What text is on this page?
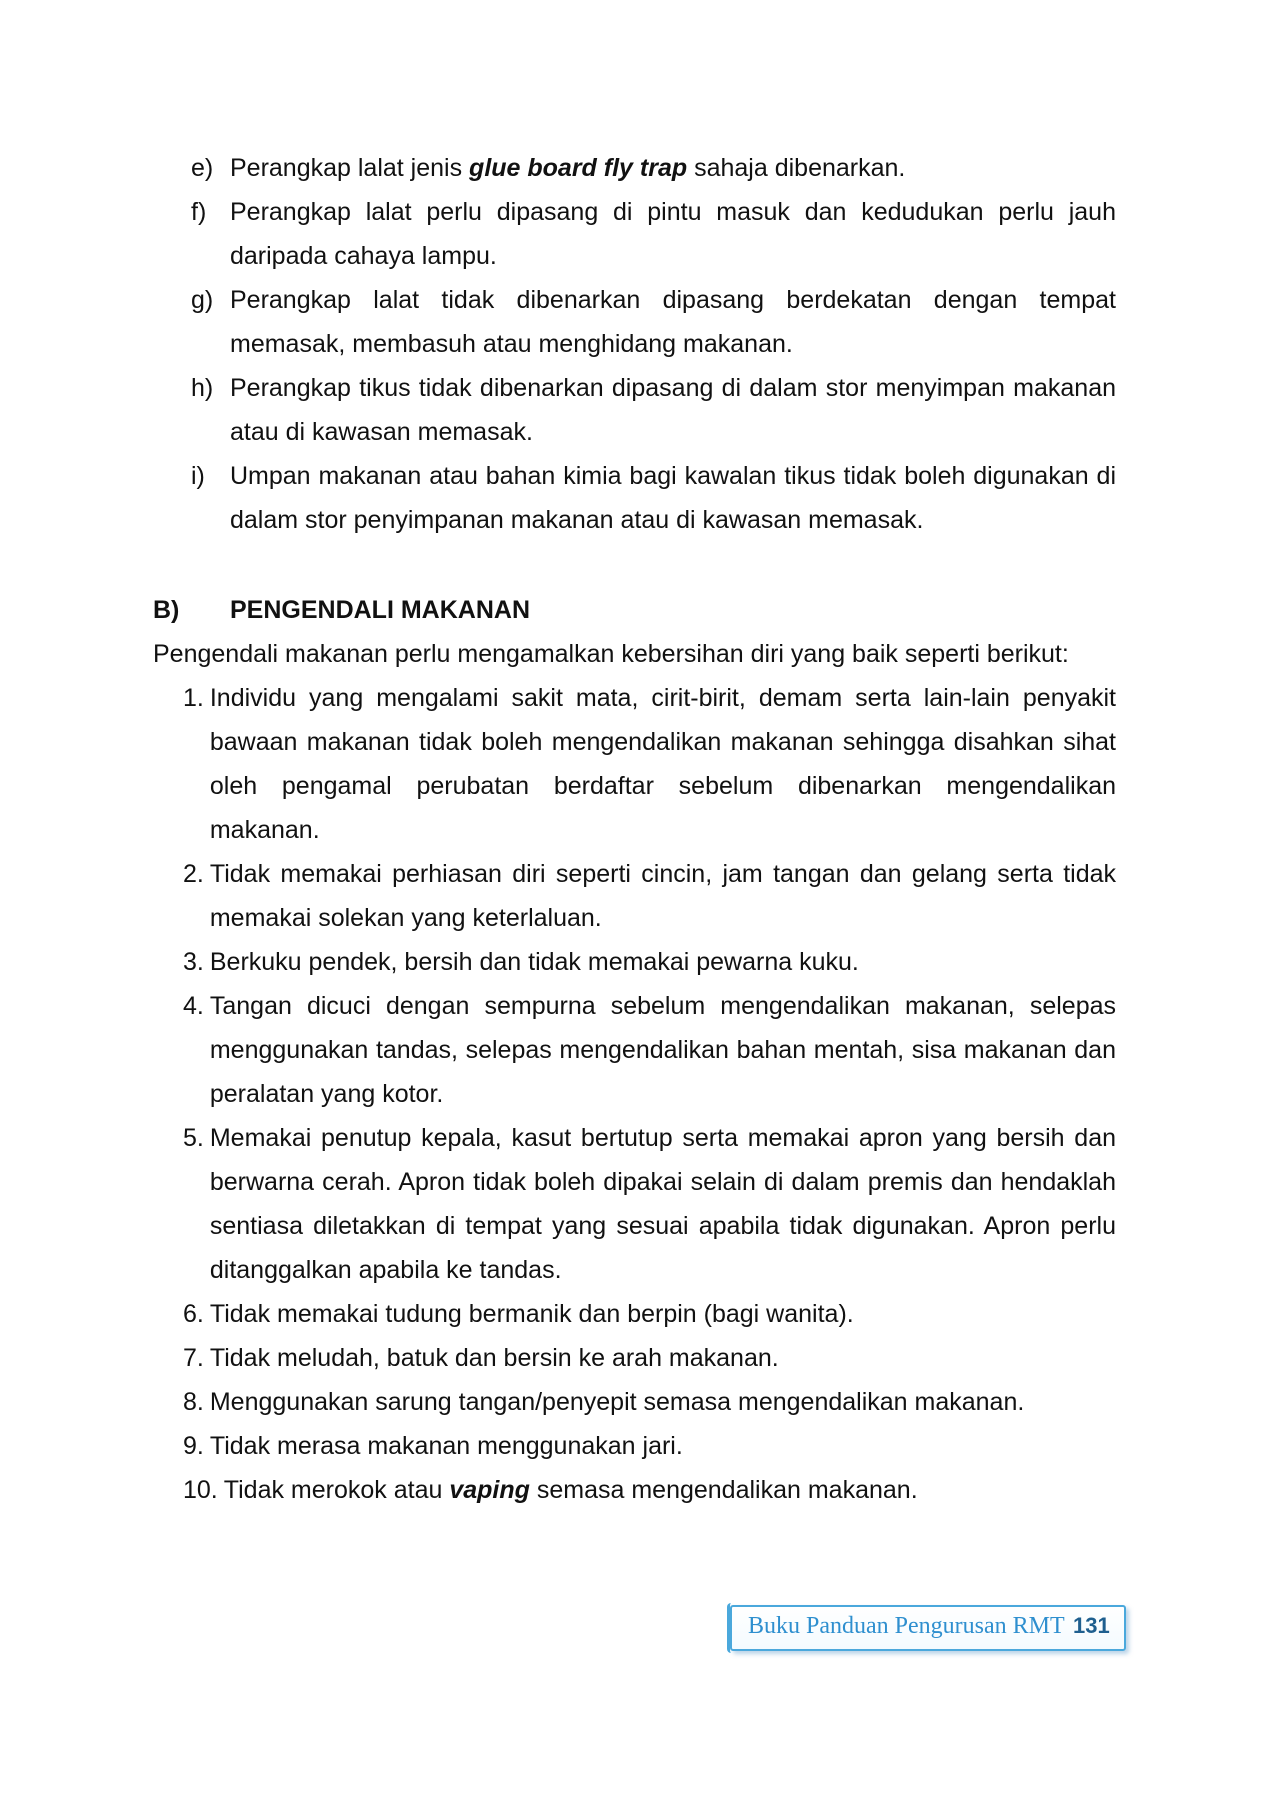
e) Perangkap lalat jenis glue board fly trap sahaja dibenarkan.
f) Perangkap lalat perlu dipasang di pintu masuk dan kedudukan perlu jauh daripada cahaya lampu.
g) Perangkap lalat tidak dibenarkan dipasang berdekatan dengan tempat memasak, membasuh atau menghidang makanan.
h) Perangkap tikus tidak dibenarkan dipasang di dalam stor menyimpan makanan atau di kawasan memasak.
i)	Umpan makanan atau bahan kimia bagi kawalan tikus tidak boleh digunakan di dalam stor penyimpanan makanan atau di kawasan memasak.
B)	PENGENDALI MAKANAN

Pengendali makanan perlu mengamalkan kebersihan diri yang baik seperti berikut:

1. Individu yang mengalami sakit mata, cirit-birit, demam serta lain-lain penyakit bawaan makanan tidak boleh mengendalikan makanan sehingga disahkan sihat oleh pengamal perubatan berdaftar sebelum dibenarkan mengendalikan makanan.
2. Tidak memakai perhiasan diri seperti cincin, jam tangan dan gelang serta tidak memakai solekan yang keterlaluan.
3. Berkuku pendek, bersih dan tidak memakai pewarna kuku.
4. Tangan dicuci dengan sempurna sebelum mengendalikan makanan, selepas menggunakan tandas, selepas mengendalikan bahan mentah, sisa makanan dan peralatan yang kotor.
5. Memakai penutup kepala, kasut bertutup serta memakai apron yang bersih dan berwarna cerah. Apron tidak boleh dipakai selain di dalam premis dan hendaklah sentiasa diletakkan di tempat yang sesuai apabila tidak digunakan. Apron perlu ditanggalkan apabila ke tandas.
6. Tidak memakai tudung bermanik dan berpin (bagi wanita).
7. Tidak meludah, batuk dan bersin ke arah makanan.
8. Menggunakan sarung tangan/penyepit semasa mengendalikan makanan.
9. Tidak merasa makanan menggunakan jari.
10. Tidak merokok atau vaping semasa mengendalikan makanan.
Buku Panduan Pengurusan RMT 131
